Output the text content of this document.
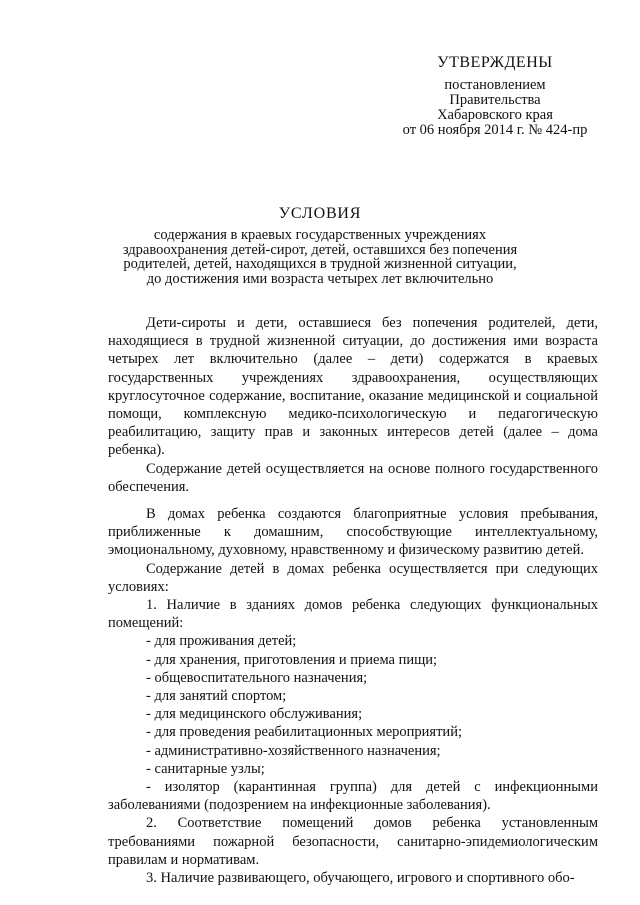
УТВЕРЖДЕНЫ
постановлением
Правительства
Хабаровского края
от 06 ноября 2014 г. № 424-пр
УСЛОВИЯ
содержания в краевых государственных учреждениях здравоохранения детей-сирот, детей, оставшихся без попечения родителей, детей, находящихся в трудной жизненной ситуации, до достижения ими возраста четырех лет включительно

Дети-сироты и дети, оставшиеся без попечения родителей, дети, находящиеся в трудной жизненной ситуации, до достижения ими возраста четырех лет включительно (далее – дети) содержатся в краевых государственных учреждениях здравоохранения, осуществляющих круглосуточное содержание, воспитание, оказание медицинской и социальной помощи, комплексную медико-психологическую и педагогическую реабилитацию, защиту прав и законных интересов детей (далее – дома ребенка).

Содержание детей осуществляется на основе полного государственного обеспечения.

В домах ребенка создаются благоприятные условия пребывания, приближенные к домашним, способствующие интеллектуальному, эмоциональному, духовному, нравственному и физическому развитию детей.

Содержание детей в домах ребенка осуществляется при следующих условиях:

1. Наличие в зданиях домов ребенка следующих функциональных помещений:

- для проживания детей;
- для хранения, приготовления и приема пищи;
- общевоспитательного назначения;
- для занятий спортом;
- для медицинского обслуживания;
- для проведения реабилитационных мероприятий;
- административно-хозяйственного назначения;
- санитарные узлы;

- изолятор (карантинная группа) для детей с инфекционными заболеваниями (подозрением на инфекционные заболевания).

2. Соответствие помещений домов ребенка установленным требованиями пожарной безопасности, санитарно-эпидемиологическим правилам и нормативам.

3. Наличие развивающего, обучающего, игрового и спортивного обо-
